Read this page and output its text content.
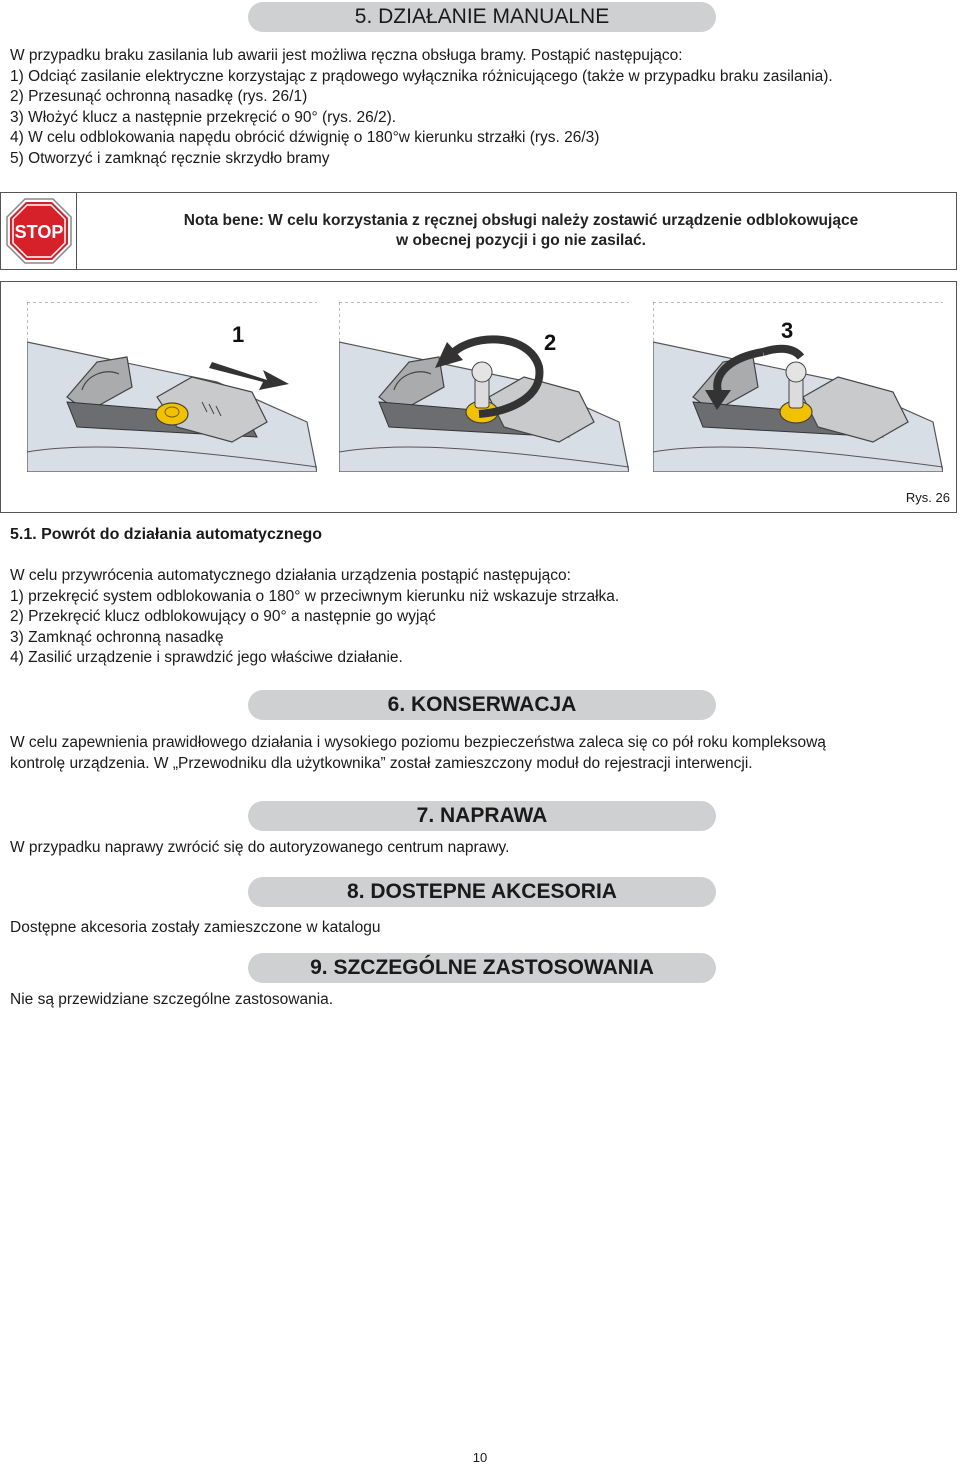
5. DZIAŁANIE MANUALNE
W przypadku braku zasilania lub awarii jest możliwa ręczna obsługa bramy. Postąpić następująco:
1) Odciąć zasilanie elektryczne korzystając z prądowego wyłącznika różnicującego (także w przypadku braku zasilania).
2) Przesunąć ochronną nasadkę (rys. 26/1)
3) Włożyć klucz a następnie przekręcić o 90° (rys. 26/2).
4) W celu odblokowania napędu obrócić dźwignię o 180°w kierunku strzałki (rys. 26/3)
5) Otworzyć i zamknąć ręcznie skrzydło bramy
STOP
Nota bene: W celu korzystania z ręcznej obsługi należy zostawić urządzenie odblokowujące
w obecnej pozycji i go nie zasilać.
1	2	3
Rys. 26
5.1. Powrót do działania automatycznego
W celu przywrócenia automatycznego działania urządzenia postąpić następująco:
1) przekręcić system odblokowania o 180° w przeciwnym kierunku niż wskazuje strzałka.
2) Przekręcić klucz odblokowujący o 90° a następnie go wyjąć
3) Zamknąć ochronną nasadkę
4) Zasilić urządzenie i sprawdzić jego właściwe działanie.
6. KONSERWACJA
W celu zapewnienia prawidłowego działania i wysokiego poziomu bezpieczeństwa zaleca się co pół roku kompleksową
kontrolę urządzenia. W „Przewodniku dla użytkownika” został zamieszczony moduł do rejestracji interwencji.
7. NAPRAWA
W przypadku naprawy zwrócić się do autoryzowanego centrum naprawy.
8. DOSTEPNE AKCESORIA
Dostępne akcesoria zostały zamieszczone w katalogu
9. SZCZEGÓLNE ZASTOSOWANIA
Nie są przewidziane szczególne zastosowania.
10
